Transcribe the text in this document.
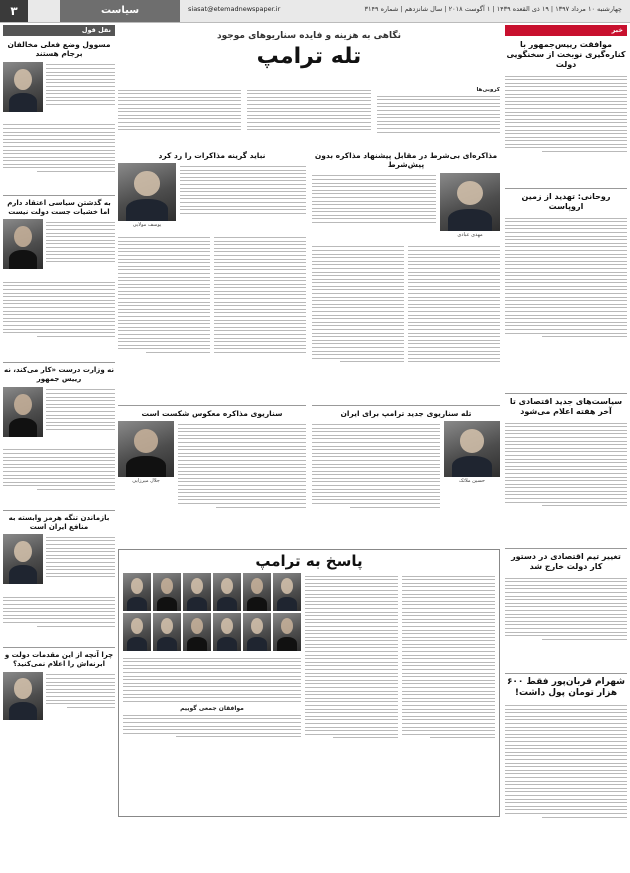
چهارشنبه ۱۰ مرداد ۱۳۹۷ | ۱۹ ذی القعده ۱۴۳۹ | ۱ آگوست ۲۰۱۸ | سال شانزدهم | شماره ۳۱۴۹
siasat@etemadnewspaper.ir
سیاست
۳
خبر
موافقت رییس‌جمهور با کناره‌گیری نوبخت از سخنگویی دولت
روحانی: تهدید از زمین اروپاست
سیاست‌های جدید اقتصادی تا آخر هفته اعلام می‌شود
تغییر تیم اقتصادی در دستور کار دولت خارج شد
شهرام قربان‌پور فقط ۶۰۰ هزار تومان پول داشت!
نگاهی به هزینه و فایده سناریوهای موجود
تله ترامپ
کروبی‌ها
مذاکره‌ای بی‌شرط در مقابل پیشنهاد مذاکره بدون پیش‌شرط
مهدی عبادی
نباید گرینه مذاکرات را رد کرد
یوسف مولایی
تله سناریوی جدید ترامپ برای ایران
حسین ملائک
سناریوی مذاکره معکوس شکست است
جلال میرزایی
پاسخ به ترامپ
موافقان جمعی گوییم
نقل قول
مسوول وضع فعلی مخالفان برجام هستند
به گذشتن سیاسی اعتقاد دارم اما خشیات جست دولت نیست
نه وزارت درست «کار می‌کند، نه رییس جمهور
بازماندن تنگه هرمز وابسته به منافع ایران است
چرا آنچه از این مقدمات دولت و ابرنه‌اش را اعلام نمی‌کنید؟
